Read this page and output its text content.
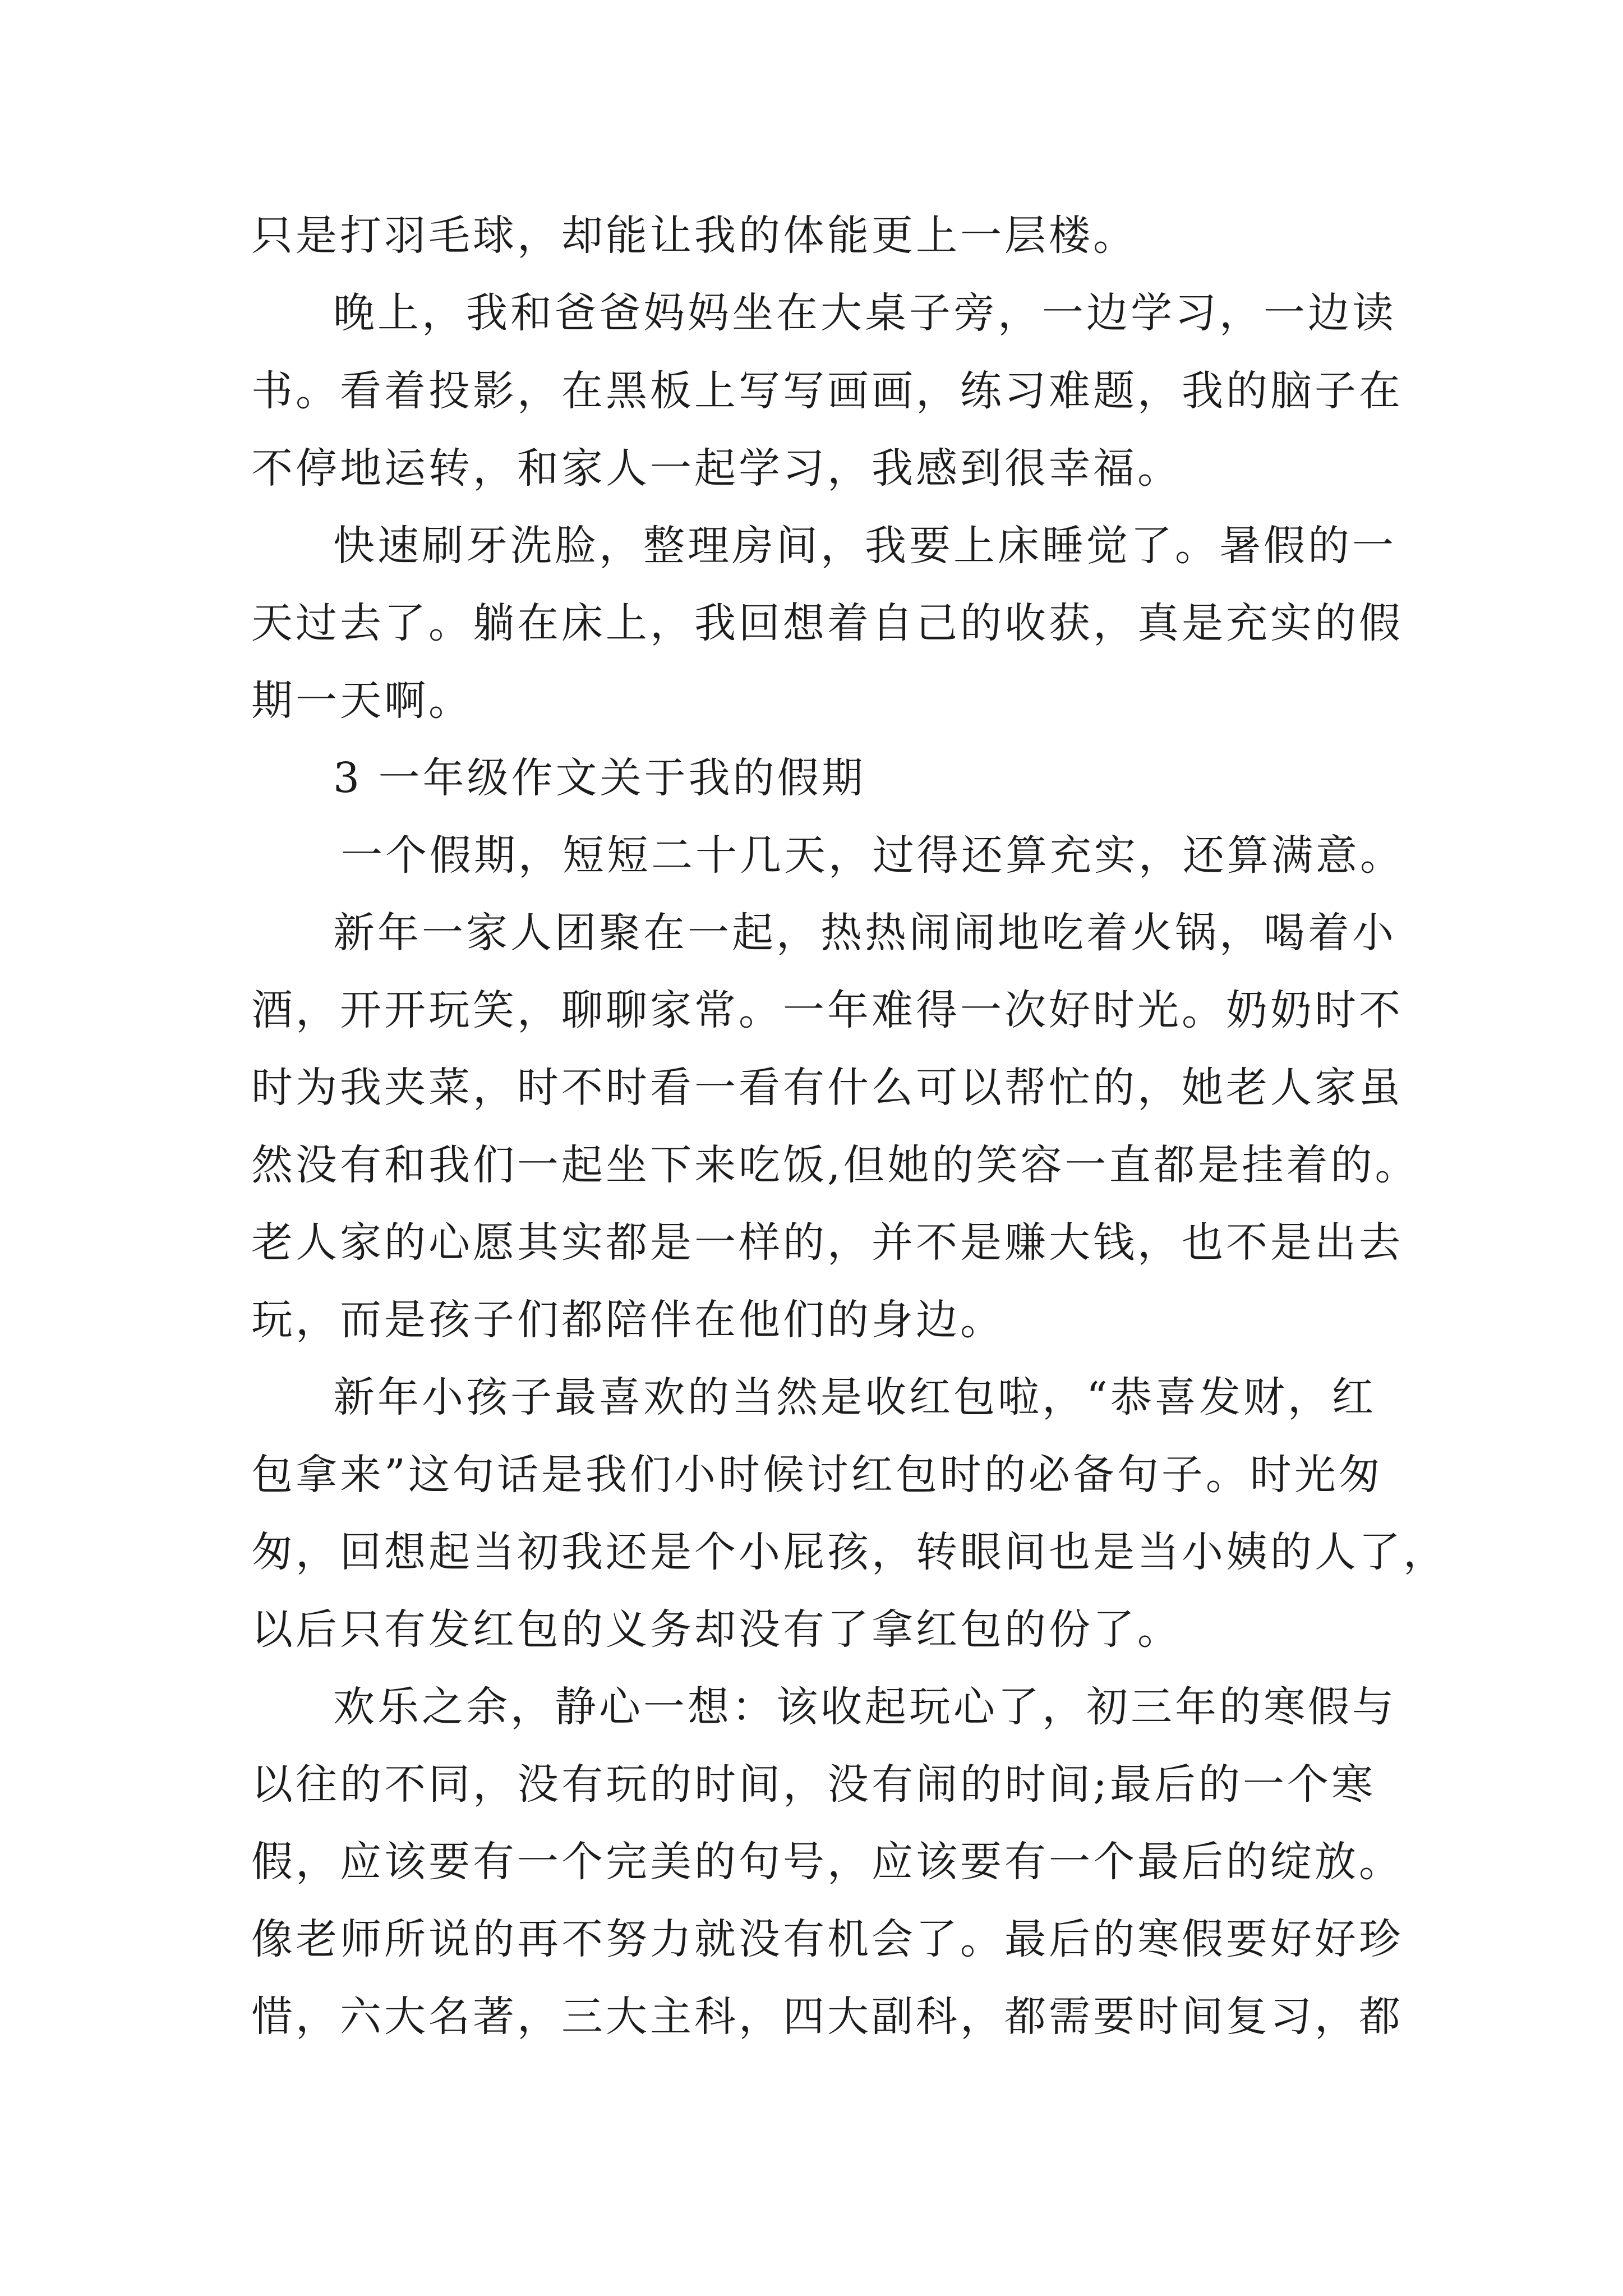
只是打羽毛球，却能让我的体能更上一层楼。
晚上，我和爸爸妈妈坐在大桌子旁，一边学习，一边读
书。看着投影，在黑板上写写画画，练习难题，我的脑子在
不停地运转，和家人一起学习，我感到很幸福。
快速刷牙洗脸，整理房间，我要上床睡觉了。暑假的一
天过去了。躺在床上，我回想着自己的收获，真是充实的假
期一天啊。
3 一年级作文关于我的假期
一个假期，短短二十几天，过得还算充实，还算满意。
新年一家人团聚在一起，热热闹闹地吃着火锅，喝着小
酒，开开玩笑，聊聊家常。一年难得一次好时光。奶奶时不
时为我夹菜，时不时看一看有什么可以帮忙的，她老人家虽
然没有和我们一起坐下来吃饭,但她的笑容一直都是挂着的。
老人家的心愿其实都是一样的，并不是赚大钱，也不是出去
玩，而是孩子们都陪伴在他们的身边。
新年小孩子最喜欢的当然是收红包啦，“恭喜发财，红
包拿来”这句话是我们小时候讨红包时的必备句子。时光匆
匆，回想起当初我还是个小屁孩，转眼间也是当小姨的人了，
以后只有发红包的义务却没有了拿红包的份了。
欢乐之余，静心一想：该收起玩心了，初三年的寒假与
以往的不同，没有玩的时间，没有闹的时间;最后的一个寒
假，应该要有一个完美的句号，应该要有一个最后的绽放。
像老师所说的再不努力就没有机会了。最后的寒假要好好珍
惜，六大名著，三大主科，四大副科，都需要时间复习，都
